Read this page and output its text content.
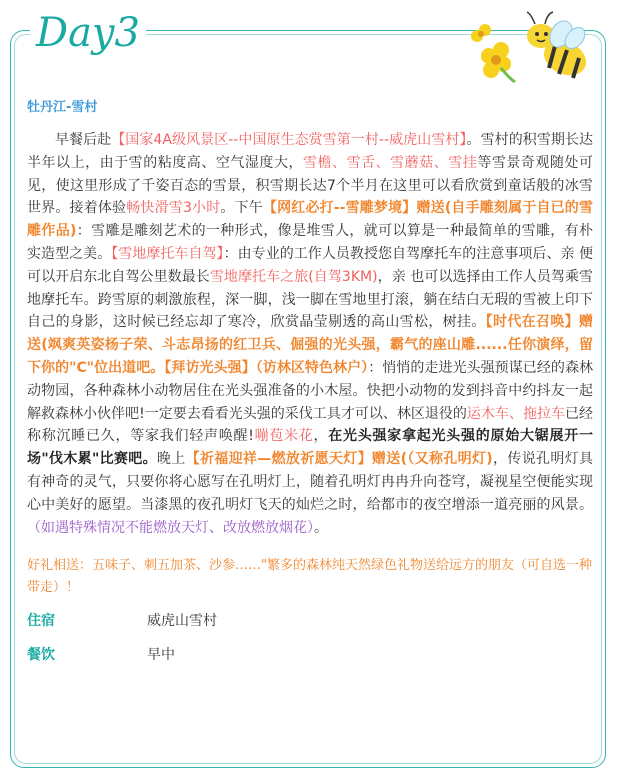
Day3
牡丹江-雪村

早餐后赴【国家4A级风景区--中国原生态赏雪第一村--威虎山雪村】。雪村的积雪期长达半年以上，由于雪的粘度高、空气湿度大，雪檐、雪舌、雪蘑菇、雪挂等雪景奇观随处可见，使这里形成了千姿百态的雪景，积雪期长达7个半月在这里可以看欣赏到童话般的冰雪世界。接着体验畅快滑雪3小时。下午【网红必打--雪雕梦境】赠送(自手雕刻属于自已的雪雕作品)：雪雕是雕刻艺术的一种形式，像是堆雪人，就可以算是一种最简单的雪雕，有朴实造型之美。【雪地摩托车自驾】：由专业的工作人员教授您自驾摩托车的注意事项后、亲 便可以开启东北自驾公里数最长雪地摩托车之旅(自驾3KM)，亲 也可以选择由工作人员驾乘雪地摩托车。跨雪原的刺激旅程，深一脚，浅一脚在雪地里打滚，躺在结白无瑕的雪被上印下自己的身影，这时候已经忘却了寒冷，欣赏晶莹剔透的高山雪松，树挂。【时代在召唤】赠送(飒爽英姿杨子荣、斗志昂扬的红卫兵、倔强的光头强，霸气的座山雕......任你演绎，留下你的"C"位出道吧。【拜访光头强】（访林区特色林户）：悄悄的走进光头强预谋已经的森林动物园，各种森林小动物居住在光头强准备的小木屋。快把小动物的发到抖音中约抖友一起解救森林小伙伴吧!一定要去看看光头强的采伐工具才可以、林区退役的运木车、拖拉车已经称称沉睡已久，等家我们轻声唤醒!嘣苞米花，在光头强家拿起光头强的原始大锯展开一场"伐木累"比赛吧。晚上【祈福迎祥—燃放祈愿天灯】赠送(（又称孔明灯)，传说孔明灯具有神奇的灵气，只要你将心愿写在孔明灯上，随着孔明灯冉冉升向苍穹，凝视星空便能实现心中美好的愿望。当漆黑的夜孔明灯飞天的灿烂之时，给都市的夜空增添一道亮丽的风景。（如遇特殊情况不能燃放天灯、改放燃放烟花）。

好礼相送：五味子、刺五加茶、沙参……"繁多的森林纯天然绿色礼物送给远方的朋友（可自选一种带走）！
住宿	威虎山雪村
餐饮	早中
